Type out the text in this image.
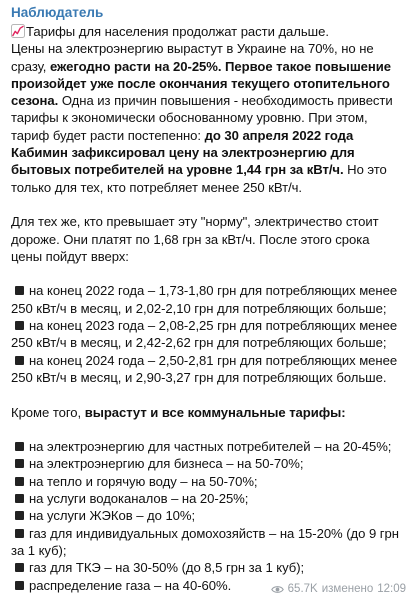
Наблюдатель

Тарифы для населения продолжат расти дальше.
Цены на электроэнергию вырастут в Украине на 70%, но не сразу, ежегодно расти на 20-25%. Первое такое повышение произойдет уже после окончания текущего отопительного сезона. Одна из причин повышения - необходимость привести тарифы к экономически обоснованному уровню. При этом, тариф будет расти постепенно: до 30 апреля 2022 года Кабимин зафиксировал цену на электроэнергию для бытовых потребителей на уровне 1,44 грн за кВт/ч. Но это только для тех, кто потребляет менее 250 кВт/ч.

Для тех же, кто превышает эту "норму", электричество стоит дороже. Они платят по 1,68 грн за кВт/ч. После этого срока цены пойдут вверх:

на конец 2022 года – 1,73-1,80 грн для потребляющих менее 250 кВт/ч в месяц, и 2,02-2,10 грн для потребляющих больше;
на конец 2023 года – 2,08-2,25 грн для потребляющих менее 250 кВт/ч в месяц, и 2,42-2,62 грн для потребляющих больше;
на конец 2024 года – 2,50-2,81 грн для потребляющих менее 250 кВт/ч в месяц, и 2,90-3,27 грн для потребляющих больше.

Кроме того, вырастут и все коммунальные тарифы:

на электроэнергию для частных потребителей – на 20-45%;
на электроэнергию для бизнеса – на 50-70%;
на тепло и горячую воду – на 50-70%;
на услуги водоканалов – на 20-25%;
на услуги ЖЭКов – до 10%;
газ для индивидуальных домохозяйств – на 15-20% (до 9 грн за 1 куб);
газ для ТКЭ – на 30-50% (до 8,5 грн за 1 куб);
распределение газа – на 40-60%.	65.7K изменено 12:09
